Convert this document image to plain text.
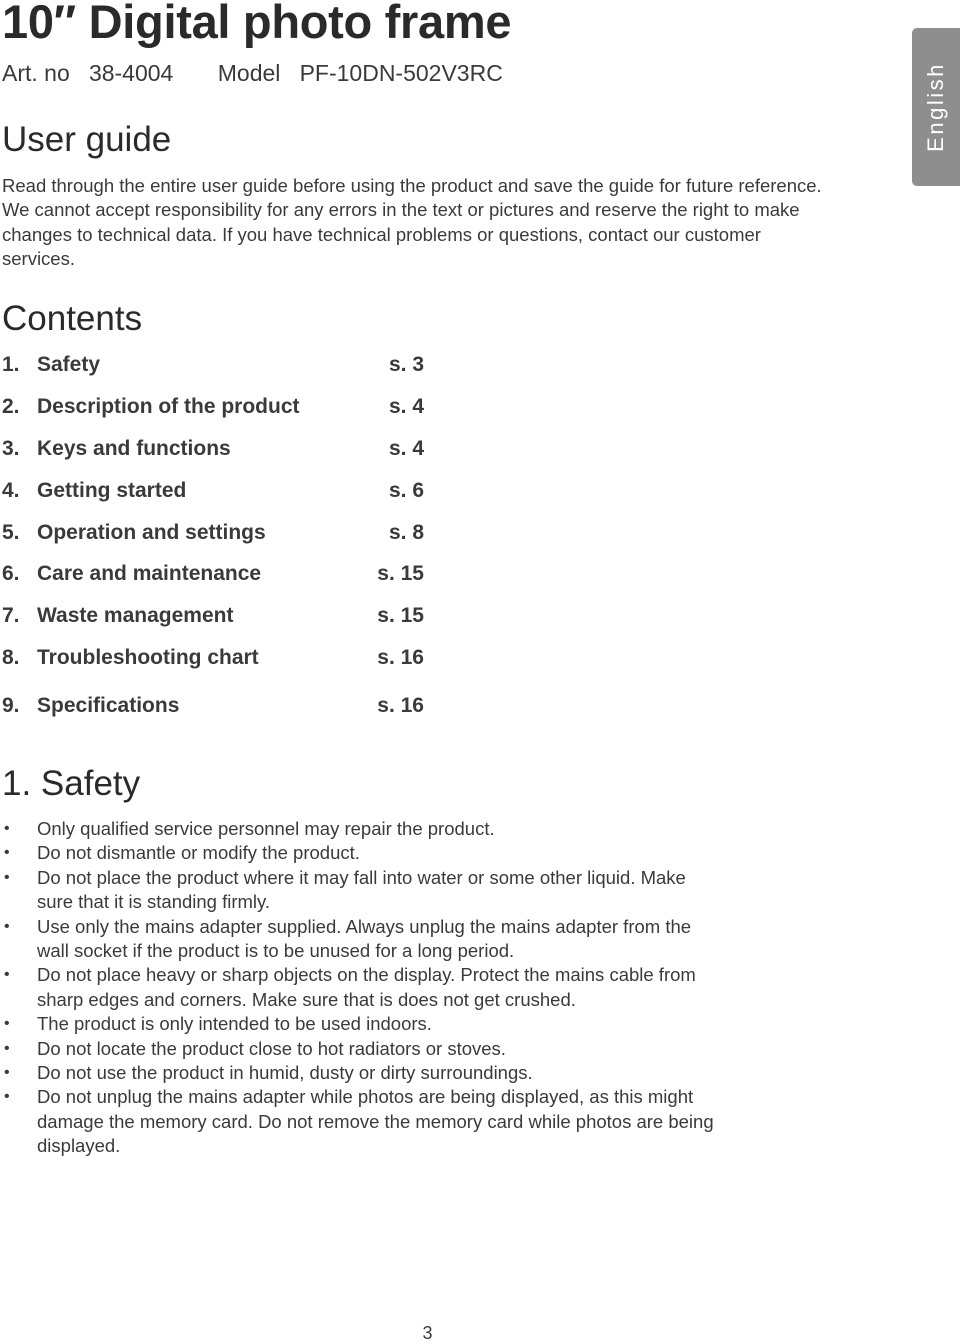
10″ Digital photo frame
Art. no 38-4004 Model PF-10DN-502V3RC	English
User guide

Read through the entire user guide before using the product and save the guide for future reference. We cannot accept responsibility for any errors in the text or pictures and reserve the right to make changes to technical data. If you have technical problems or questions, contact our customer services.

Contents
1. Safety	s. 3
2. Description of the product	s. 4
3. Keys and functions	s. 4
4. Getting started	s. 6
5. Operation and settings	s. 8
6. Care and maintenance	s. 15
7. Waste management	s. 15
8. Troubleshooting chart	s. 16
9. Specifications	s. 16
1. Safety
• Only qualified service personnel may repair the product.
• Do not dismantle or modify the product.
• Do not place the product where it may fall into water or some other liquid. Make sure that it is standing firmly.
• Use only the mains adapter supplied. Always unplug the mains adapter from the wall socket if the product is to be unused for a long period.
• Do not place heavy or sharp objects on the display. Protect the mains cable from sharp edges and corners. Make sure that is does not get crushed.
• The product is only intended to be used indoors.
• Do not locate the product close to hot radiators or stoves.
• Do not use the product in humid, dusty or dirty surroundings.
• Do not unplug the mains adapter while photos are being displayed, as this might damage the memory card. Do not remove the memory card while photos are being displayed.
3
